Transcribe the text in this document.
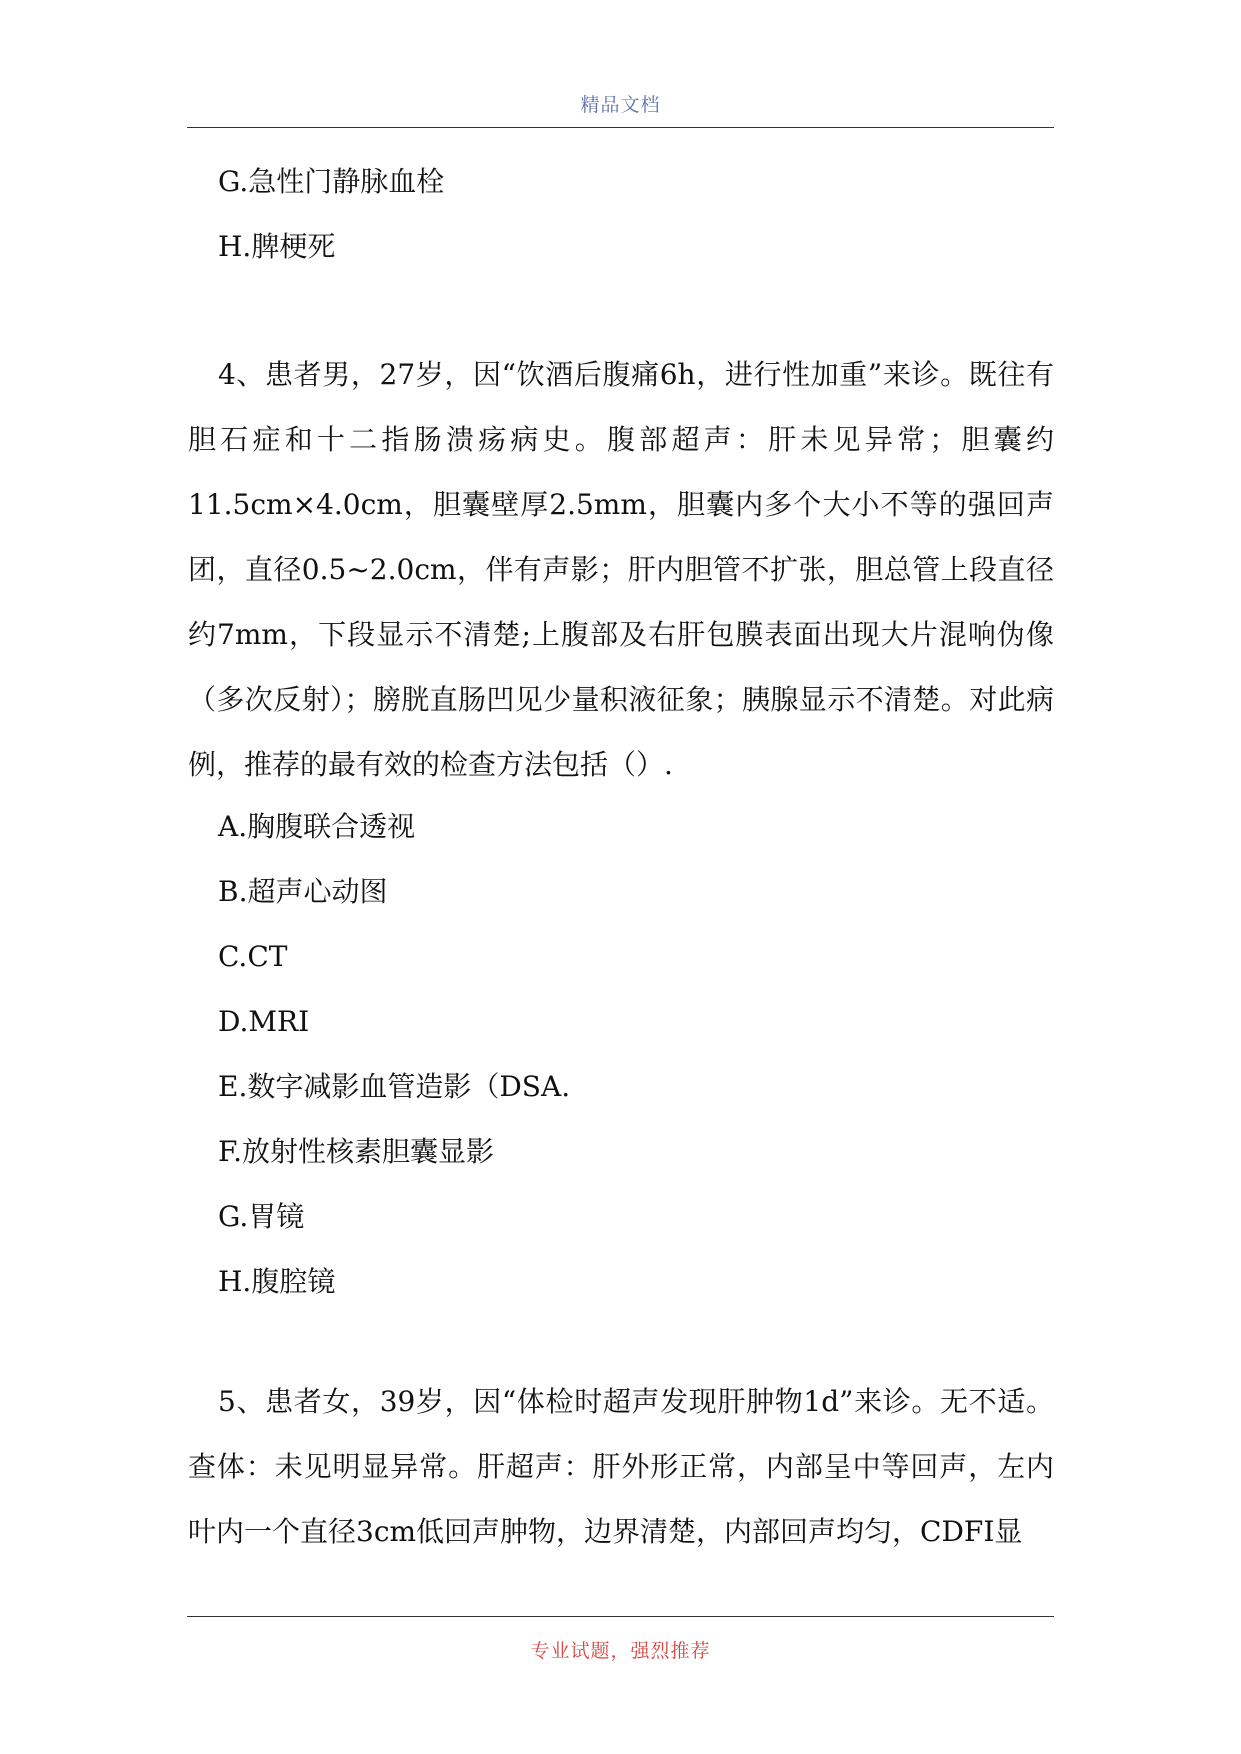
精品文档
G.急性门静脉血栓
H.脾梗死

4、患者男，27岁，因“饮酒后腹痛6h，进行性加重”来诊。既往有胆石症和十二指肠溃疡病史。腹部超声：肝未见异常；胆囊约11.5cm×4.0cm，胆囊壁厚2.5mm，胆囊内多个大小不等的强回声团，直径0.5~2.0cm，伴有声影；肝内胆管不扩张，胆总管上段直径约7mm，下段显示不清楚;上腹部及右肝包膜表面出现大片混响伪像（多次反射）；膀胱直肠凹见少量积液征象；胰腺显示不清楚。对此病例，推荐的最有效的检查方法包括（）.

A.胸腹联合透视
B.超声心动图
C.CT
D.MRI
E.数字减影血管造影（DSA.
F.放射性核素胆囊显影
G.胃镜
H.腹腔镜

5、患者女，39岁，因“体检时超声发现肝肿物1d”来诊。无不适。查体：未见明显异常。肝超声：肝外形正常，内部呈中等回声，左内叶内一个直径3cm低回声肿物，边界清楚，内部回声均匀，CDFI显

专业试题，强烈推荐
